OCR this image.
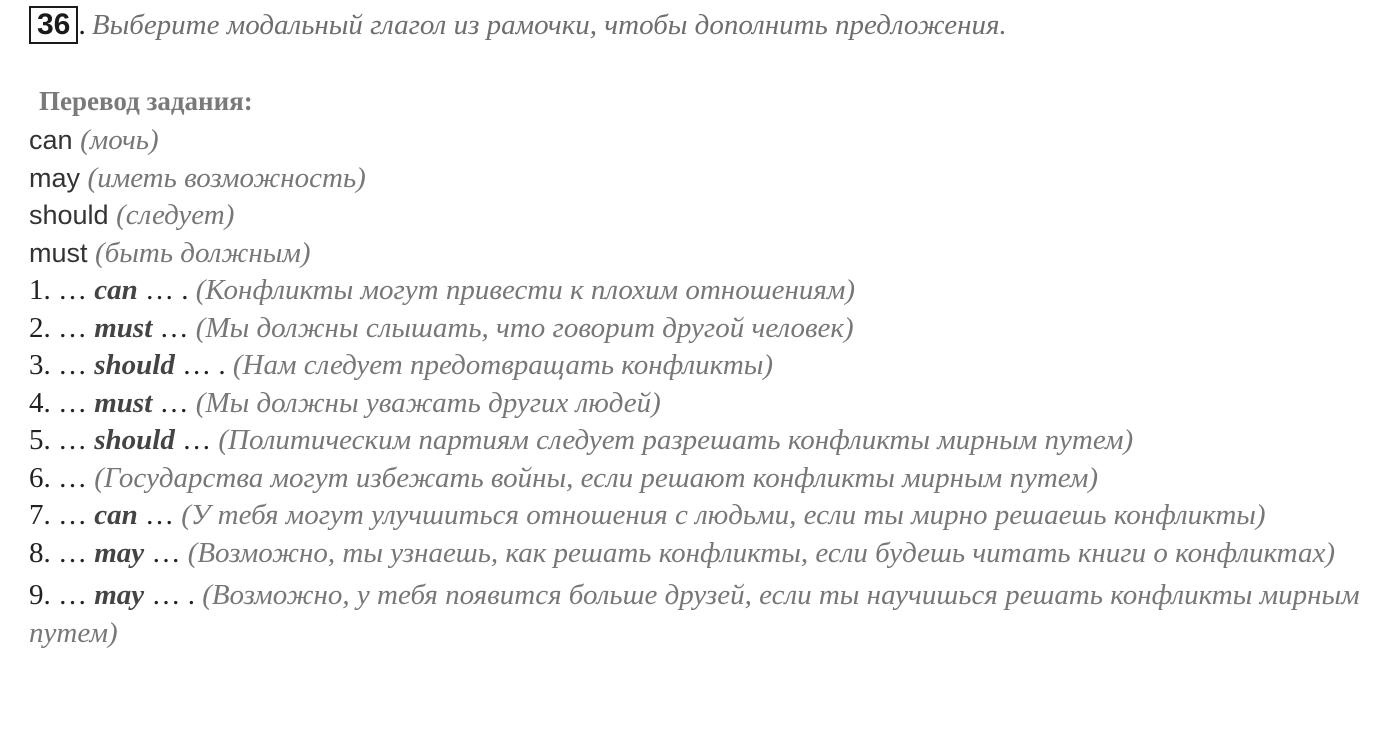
36 . Выберите модальный глагол из рамочки, чтобы дополнить предложения.
Перевод задания:
can (мочь)
may (иметь возможность)
should (следует)
must (быть должным)
1. … can … . (Конфликты могут привести к плохим отношениям)
2. … must … (Мы должны слышать, что говорит другой человек)
3. … should … . (Нам следует предотвращать конфликты)
4. … must … (Мы должны уважать других людей)
5. … should … (Политическим партиям следует разрешать конфликты мирным путем)
6. … (Государства могут избежать войны, если решают конфликты мирным путем)
7. … can … (У тебя могут улучшиться отношения с людьми, если ты мирно решаешь конфликты)
8. … may … (Возможно, ты узнаешь, как решать конфликты, если будешь читать книги о конфликтах)
9. … may … . (Возможно, у тебя появится больше друзей, если ты научишься решать конфликты мирным путем)
